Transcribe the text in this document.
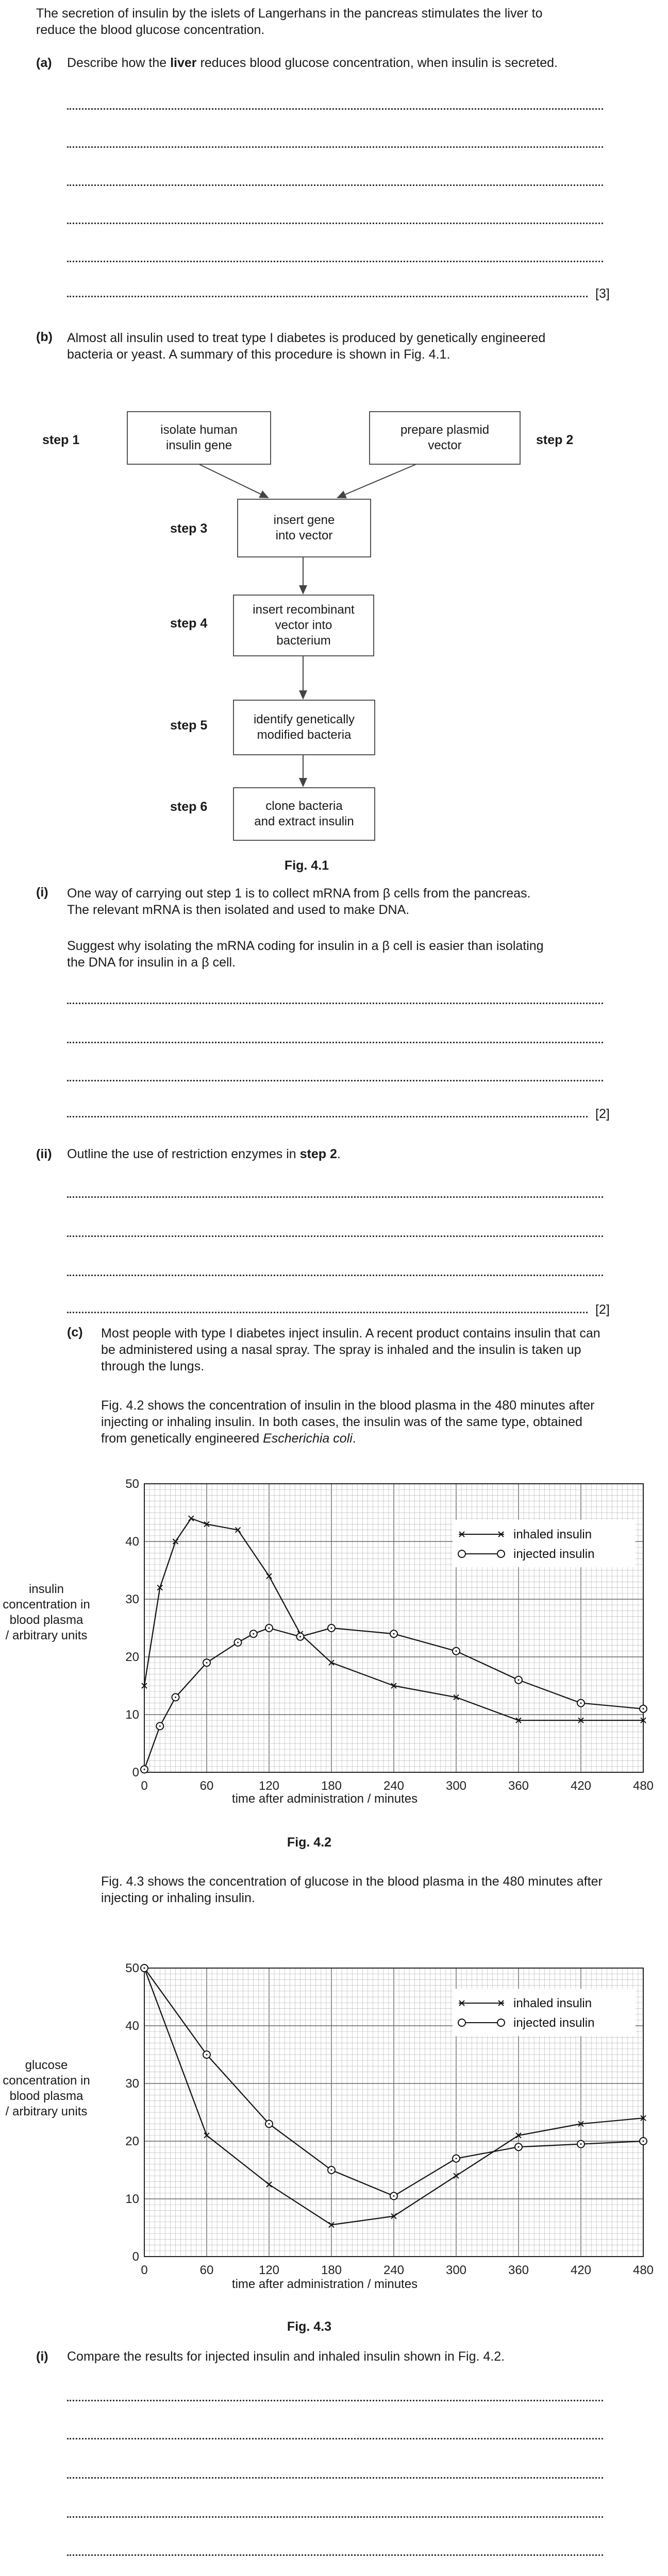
The secretion of insulin by the islets of Langerhans in the pancreas stimulates the liver to
reduce the blood glucose concentration.
(a) Describe how the liver reduces blood glucose concentration, when insulin is secreted.
[3]
(b) Almost all insulin used to treat type I diabetes is produced by genetically engineered
bacteria or yeast. A summary of this procedure is shown in Fig. 4.1.
step 1
isolate human
insulin gene	step 2
prepare plasmid
vector
step 3
insert gene
into vector
step 4
insert recombinant
vector into
bacterium
step 5	identify genetically
modified bacteria
step 6	clone bacteria
and extract insulin
Fig. 4.1
(i) One way of carrying out step 1 is to collect mRNA from β cells from the pancreas.
The relevant mRNA is then isolated and used to make DNA.
Suggest why isolating the mRNA coding for insulin in a β cell is easier than isolating
the DNA for insulin in a β cell.
[2]
(ii) Outline the use of restriction enzymes in step 2.
[2]
(c) Most people with type I diabetes inject insulin. A recent product contains insulin that can
be administered using a nasal spray. The spray is inhaled and the insulin is taken up
through the lungs.
Fig. 4.2 shows the concentration of insulin in the blood plasma in the 480 minutes after
injecting or inhaling insulin. In both cases, the insulin was of the same type, obtained
from genetically engineered Escherichia coli.
insulin
concentration in
blood plasma
/ arbitrary units
0	60	120	180	240	300	360	420	480
0
10
20
30
40
50
inhaled insulin
injected insulin
time after administration / minutes
Fig. 4.2
Fig. 4.3 shows the concentration of glucose in the blood plasma in the 480 minutes after
injecting or inhaling insulin.
glucose
concentration in
blood plasma
/ arbitrary units
0	60	120	180	240	300	360	420	480
0
10
20
30
40
50
inhaled insulin
injected insulin
time after administration / minutes
Fig. 4.3
(i) Compare the results for injected insulin and inhaled insulin shown in Fig. 4.2.
